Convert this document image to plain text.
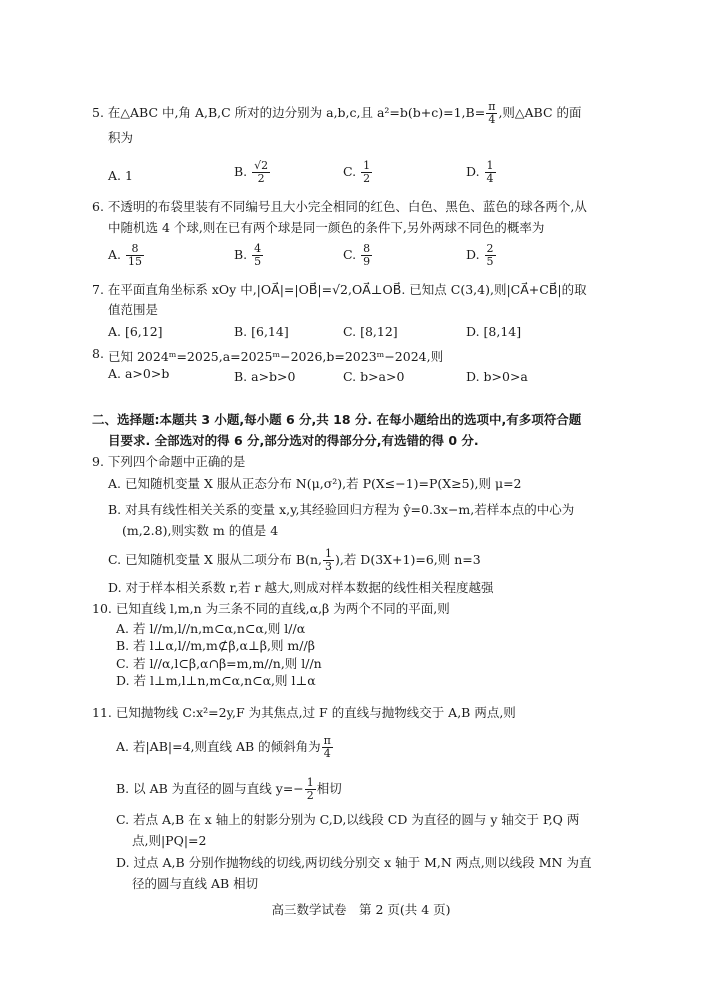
5. 在△ABC 中,角 A,B,C 所对的边分别为 a,b,c,且 $a^2=b(b+c)=1,B= \frac{\pi}{4}$ ,则△ABC 的面
积为
A. 1	B. $\frac{√2}{2}$	C. $\frac{1}{2}$	D. $\frac{1}{4}$
6. 不透明的布袋里装有不同编号且大小完全相同的红色、白色、黑色、蓝色的球各两个,从
中随机选 4 个球,则在已有两个球是同一颜色的条件下,另外两球不同色的概率为
A. $\frac{8}{15}$	B. $\frac{4}{5}$	C. $\frac{8}{9}$	D. $\frac{2}{5}$
7. 在平面直角坐标系 xOy 中,|OA⃗|=|OB⃗|=√2,OA⃗⊥OB⃗. 已知点 C(3,4),则|CA⃗+CB⃗|的取
值范围是
A. [6,12]	B. [6,14]	C. [8,12]	D. [8,14]
8. 已知 2024ᵐ=2025,a=2025ᵐ−2026,b=2023ᵐ−2024,则
A. a>0>b	B. a>b>0	C. b>a>0	D. b>0>a
二、选择题:本题共 3 小题,每小题 6 分,共 18 分. 在每小题给出的选项中,有多项符合题
目要求. 全部选对的得 6 分,部分选对的得部分分,有选错的得 0 分.
9. 下列四个命题中正确的是
A. 已知随机变量 X 服从正态分布 N(μ,σ²),若 P(X≤−1)=P(X≥5),则 μ=2
B. 对具有线性相关关系的变量 x,y,其经验回归方程为 ŷ=0.3x−m,若样本点的中心为
(m,2.8),则实数 m 的值是 4
C. 已知随机变量 X 服从二项分布 B(n, $\frac{1}{3}$ ),若 D(3X+1)=6,则 n=3
D. 对于样本相关系数 r,若 r 越大,则成对样本数据的线性相关程度越强
10. 已知直线 l,m,n 为三条不同的直线,α,β 为两个不同的平面,则
A. 若 l//m,l//n,m⊂α,n⊂α,则 l//α
B. 若 l⊥α,l//m,m⊄β,α⊥β,则 m//β
C. 若 l//α,l⊂β,α∩β=m,m//n,则 l//n
D. 若 l⊥m,l⊥n,m⊂α,n⊂α,则 l⊥α
11. 已知抛物线 C:x²=2y,F 为其焦点,过 F 的直线与抛物线交于 A,B 两点,则
A. 若|AB|=4,则直线 AB 的倾斜角为 $\frac{\pi}{4}$
B. 以 AB 为直径的圆与直线 $y=- \frac{1}{2}$ 相切
C. 若点 A,B 在 x 轴上的射影分别为 C,D,以线段 CD 为直径的圆与 y 轴交于 P,Q 两
点,则|PQ|=2
D. 过点 A,B 分别作抛物线的切线,两切线分别交 x 轴于 M,N 两点,则以线段 MN 为直
径的圆与直线 AB 相切
高三数学试卷　第 2 页(共 4 页)
